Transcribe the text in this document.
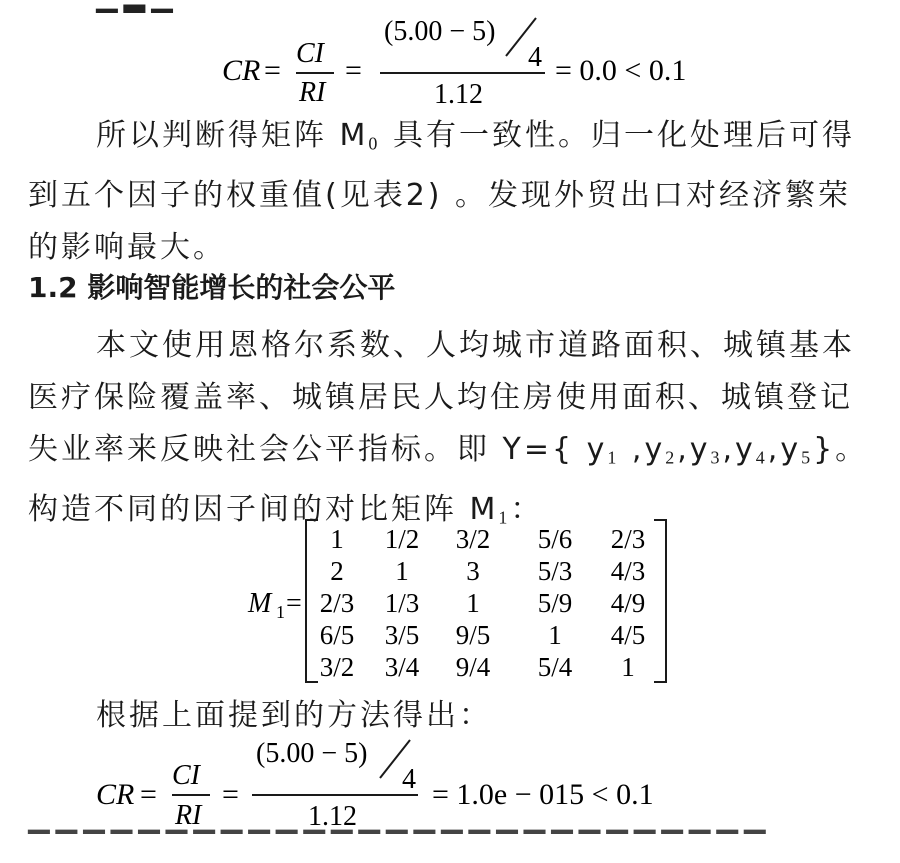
CR =
CI
RI
=
(5.00 − 5)
4
1.12
= 0.0 < 0.1

所以判断得矩阵 $M_0$ 具有一致性。归一化处理后可得到五个因子的权重值(见表2) 。发现外贸出口对经济繁荣的影响最大。

1.2 影响智能增长的社会公平

本文使用恩格尔系数、人均城市道路面积、城镇基本医疗保险覆盖率、城镇居民人均住房使用面积、城镇登记失业率来反映社会公平指标。即 Y={ $y_1$ $,y_2,y_3,y_4,y_5$}。构造不同的因子间的对比矩阵 $M_1$：

M 1 =
1 1/2 3/2 5/6 2/3
2 1 3 5/3 4/3
2/3 1/3 1 5/9 4/9
6/5 3/5 9/5 1 4/5
3/2 3/4 9/4 5/4 1

根据上面提到的方法得出：

CR =
CI
RI
=
(5.00 − 5)
4
1.12
= 1.0e − 015 < 0.1
▔▔▔▔▔▔▔▔▔▔▔▔▔▔▔▔▔▔▔▔▔▔▔▔▔▔▔
